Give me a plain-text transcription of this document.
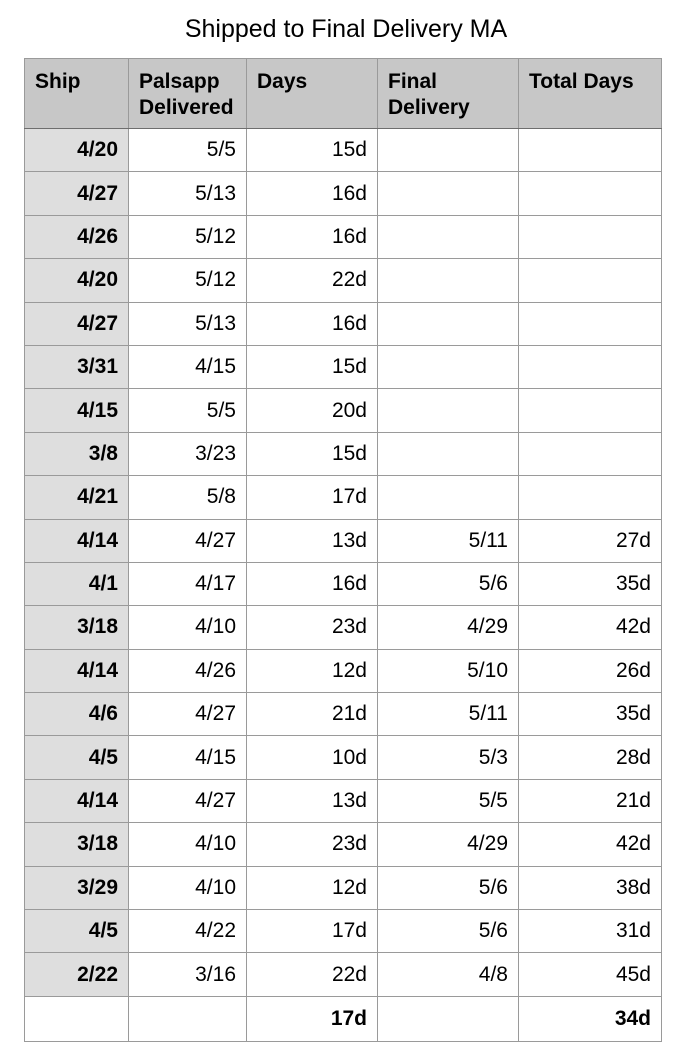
Shipped to Final Delivery MA
Ship	Palsapp Delivered	Days	Final Delivery	Total Days
4/20	5/5	15d		
4/27	5/13	16d		
4/26	5/12	16d		
4/20	5/12	22d		
4/27	5/13	16d		
3/31	4/15	15d		
4/15	5/5	20d		
3/8	3/23	15d		
4/21	5/8	17d		
4/14	4/27	13d	5/11	27d
4/1	4/17	16d	5/6	35d
3/18	4/10	23d	4/29	42d
4/14	4/26	12d	5/10	26d
4/6	4/27	21d	5/11	35d
4/5	4/15	10d	5/3	28d
4/14	4/27	13d	5/5	21d
3/18	4/10	23d	4/29	42d
3/29	4/10	12d	5/6	38d
4/5	4/22	17d	5/6	31d
2/22	3/16	22d	4/8	45d
		17d		34d
